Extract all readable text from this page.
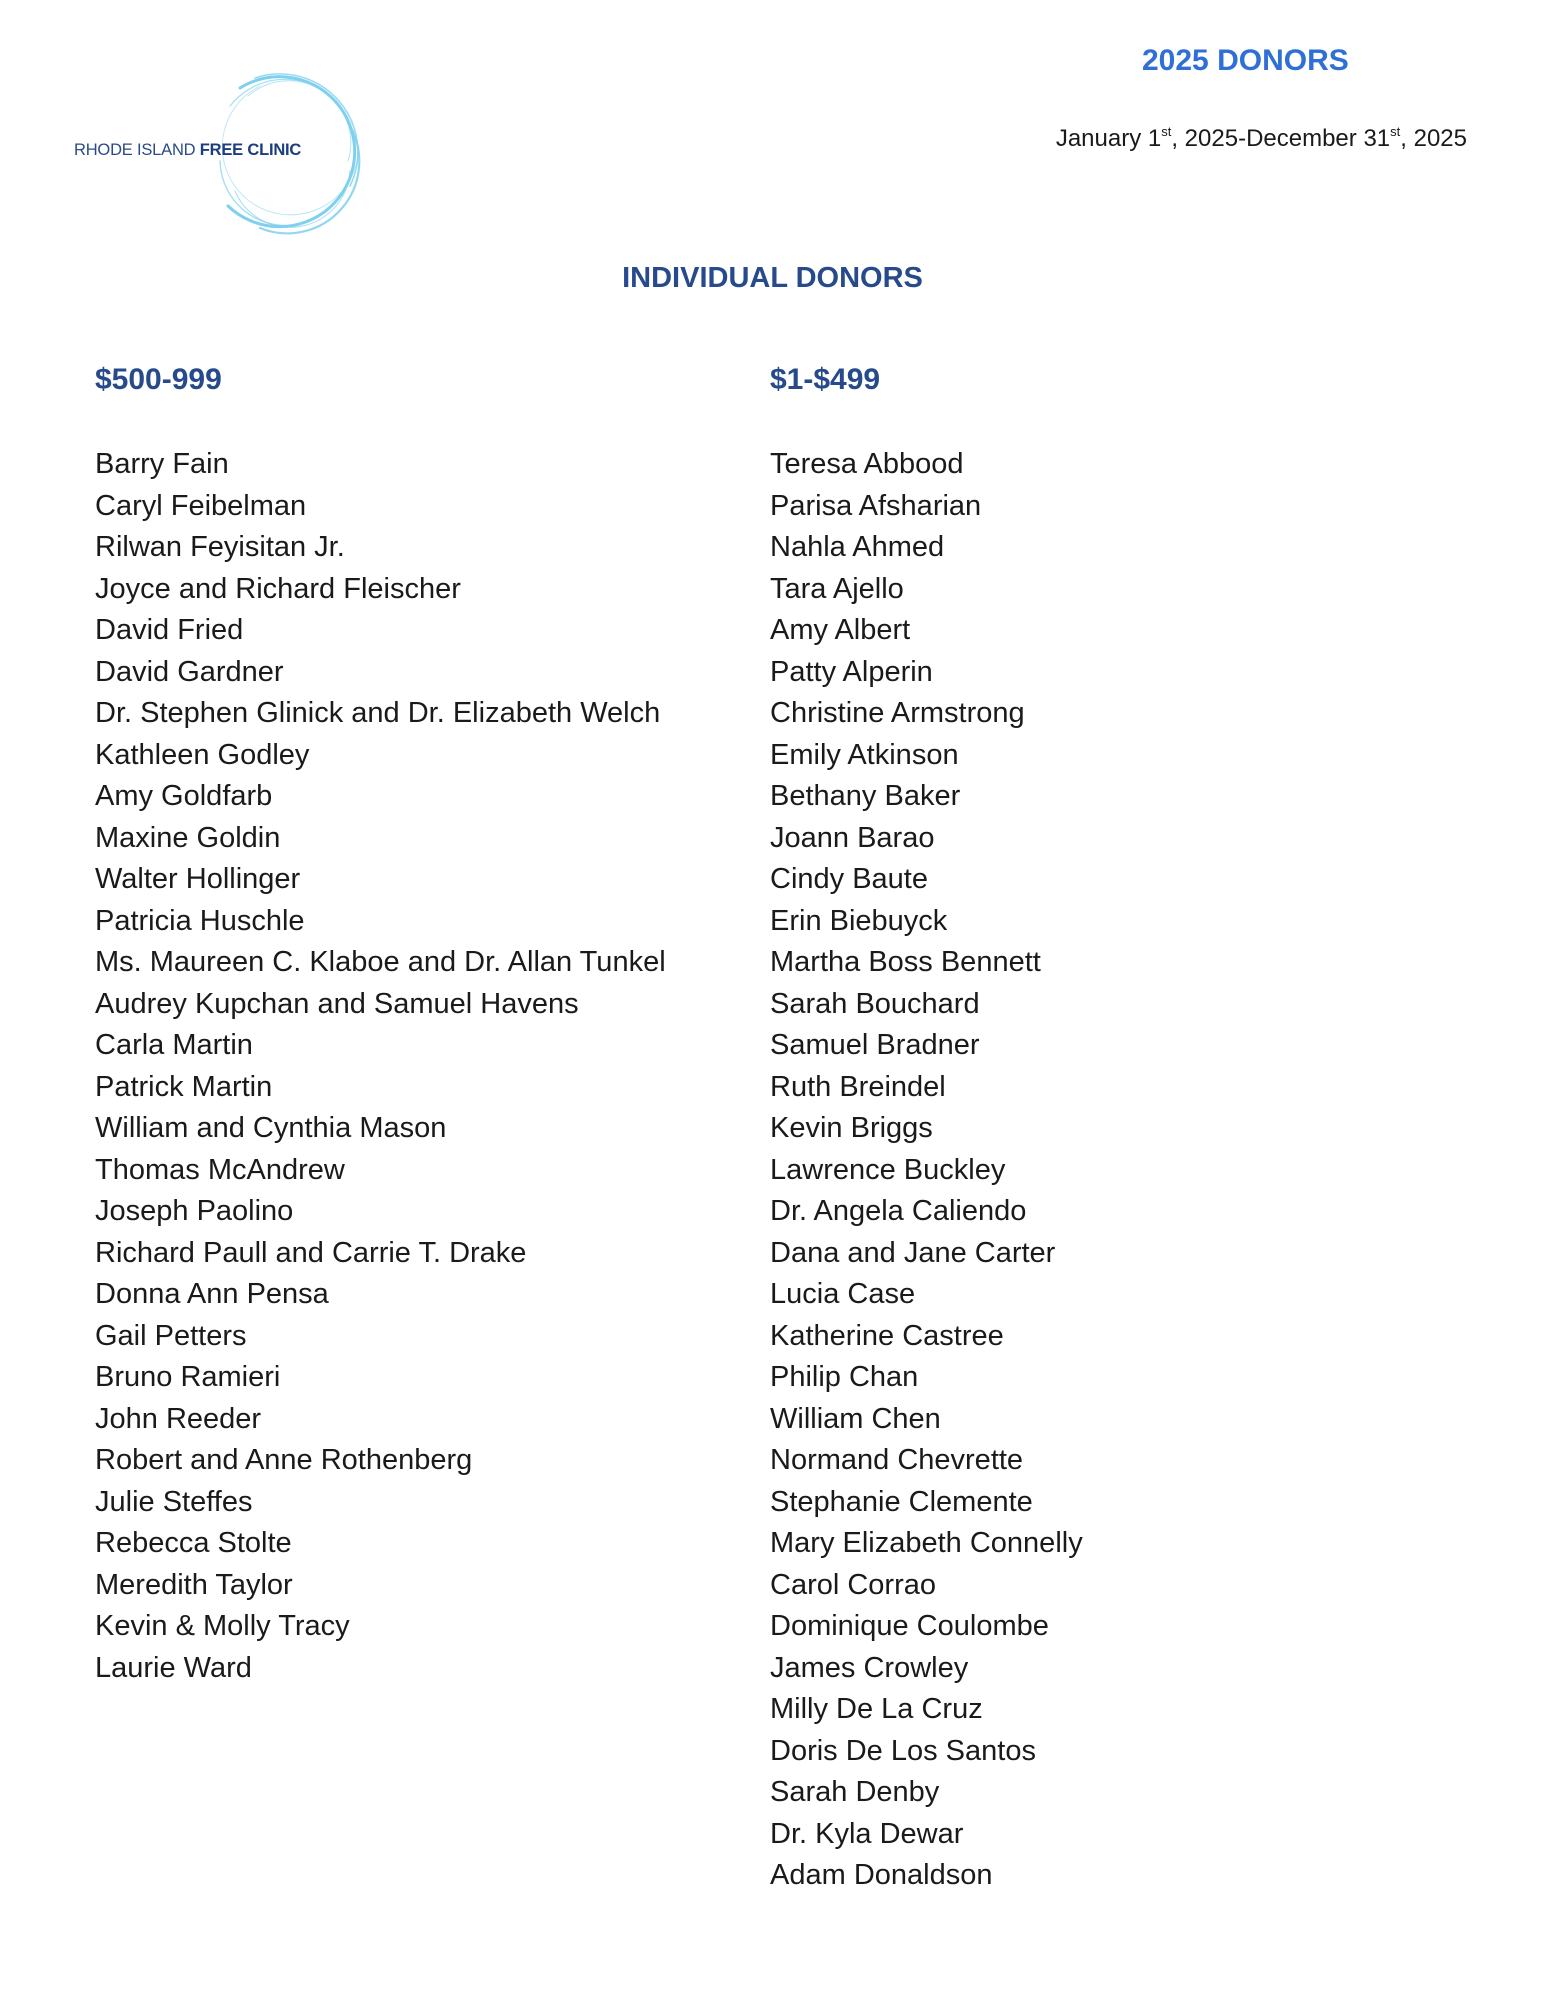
RHODE ISLAND FREE CLINIC
2025 DONORS
January 1st, 2025-December 31st, 2025
INDIVIDUAL DONORS
$500-999
Barry Fain
Caryl Feibelman
Rilwan Feyisitan Jr.
Joyce and Richard Fleischer
David Fried
David Gardner
Dr. Stephen Glinick and Dr. Elizabeth Welch
Kathleen Godley
Amy Goldfarb
Maxine Goldin
Walter Hollinger
Patricia Huschle
Ms. Maureen C. Klaboe and Dr. Allan Tunkel
Audrey Kupchan and Samuel Havens
Carla Martin
Patrick Martin
William and Cynthia Mason
Thomas McAndrew
Joseph Paolino
Richard Paull and Carrie T. Drake
Donna Ann Pensa
Gail Petters
Bruno Ramieri
John Reeder
Robert and Anne Rothenberg
Julie Steffes
Rebecca Stolte
Meredith Taylor
Kevin & Molly Tracy
Laurie Ward
$1-$499
Teresa Abbood
Parisa Afsharian
Nahla Ahmed
Tara Ajello
Amy Albert
Patty Alperin
Christine Armstrong
Emily Atkinson
Bethany Baker
Joann Barao
Cindy Baute
Erin Biebuyck
Martha Boss Bennett
Sarah Bouchard
Samuel Bradner
Ruth Breindel
Kevin Briggs
Lawrence Buckley
Dr. Angela Caliendo
Dana and Jane Carter
Lucia Case
Katherine Castree
Philip Chan
William Chen
Normand Chevrette
Stephanie Clemente
Mary Elizabeth Connelly
Carol Corrao
Dominique Coulombe
James Crowley
Milly De La Cruz
Doris De Los Santos
Sarah Denby
Dr. Kyla Dewar
Adam Donaldson
